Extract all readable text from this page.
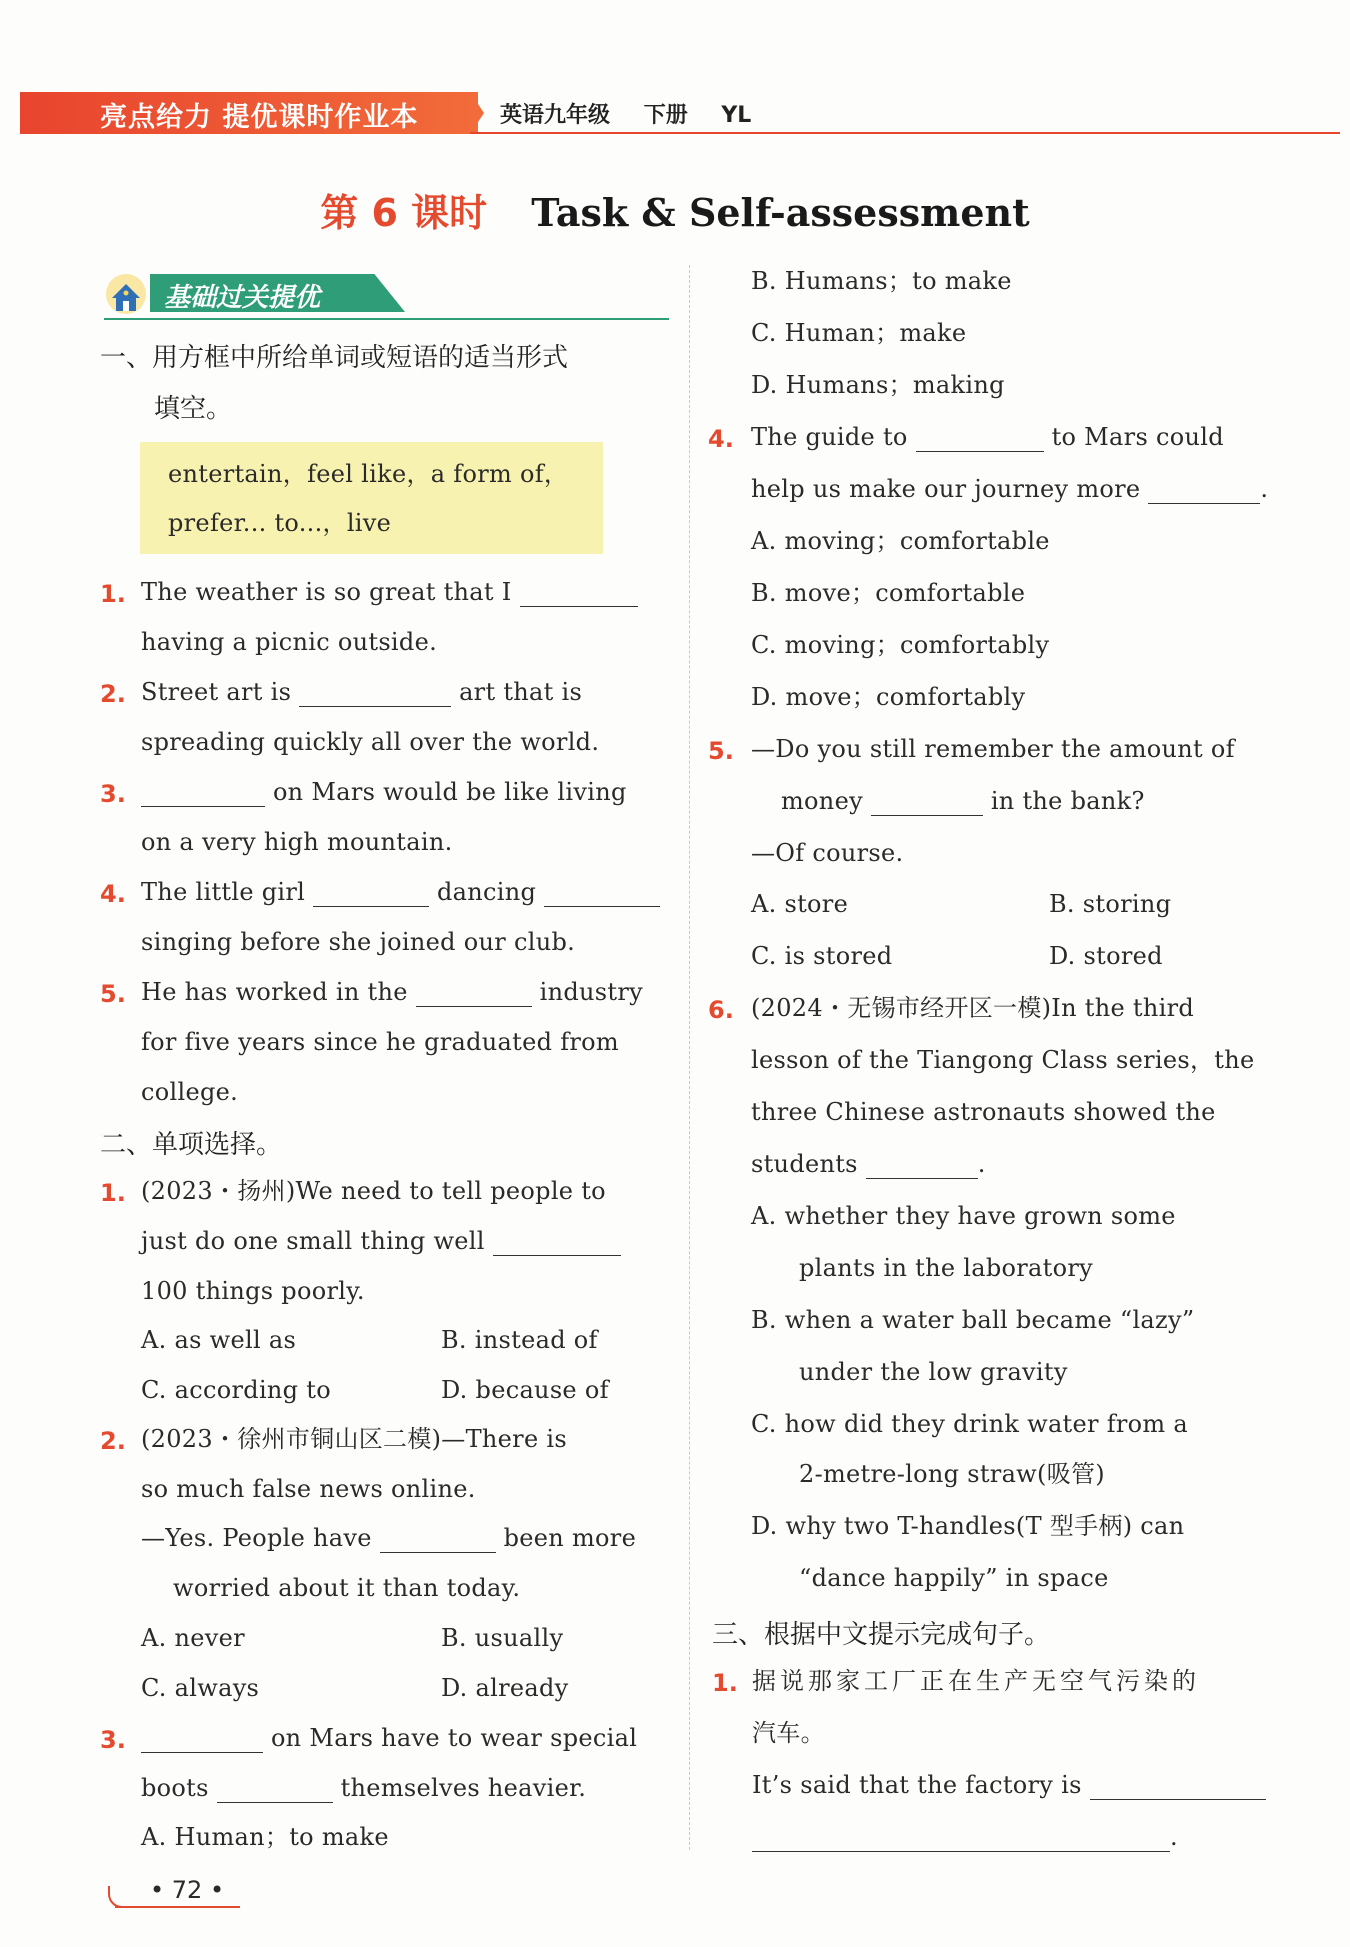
亮点给力 提优课时作业本	英语九年级 下册 YL
第 6 课时 Task & Self-assessment
基础过关提优
一、用方框中所给单词或短语的适当形式
填空。
entertain，feel like，a form of，
prefer... to...，live
1. The weather is so great that I
having a picnic outside.
2. Street art is	art that is
spreading quickly all over the world.
3.	on Mars would be like living
on a very high mountain.
4. The little girl	dancing
singing before she joined our club.
5. He has worked in the	industry
for five years since he graduated from
college.
二、单项选择。
1. (2023・扬州)We need to tell people to
just do one small thing well
100 things poorly.
A. as well as	B. instead of
C. according to	D. because of
2. (2023・徐州市铜山区二模)—There is
so much false news online.
—Yes. People have	been more
worried about it than today.
A. never	B. usually
C. always	D. already
3.	on Mars have to wear special
boots	themselves heavier.
A. Human；to make
B. Humans；to make
C. Human；make
D. Humans；making
4. The guide to	to Mars could
help us make our journey more	.
A. moving；comfortable
B. move；comfortable
C. moving；comfortably
D. move；comfortably
5. —Do you still remember the amount of
money	in the bank?
—Of course.
A. store	B. storing
C. is stored	D. stored
6. (2024・无锡市经开区一模)In the third
lesson of the Tiangong Class series，the
three Chinese astronauts showed the
students	.
A. whether they have grown some
plants in the laboratory
B. when a water ball became “lazy”
under the low gravity
C. how did they drink water from a
2-metre-long straw(吸管)
D. why two T-handles(T 型手柄) can
“dance happily” in space
三、根据中文提示完成句子。
1. 据说那家工厂正在生产无空气污染的
汽车。
It’s said that the factory is
.
• 72 •
